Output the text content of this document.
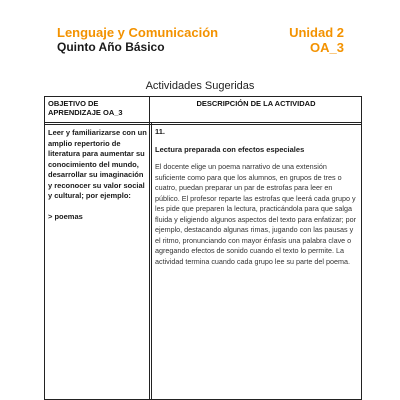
Lenguaje y Comunicación
Quinto Año Básico
Unidad 2
OA_3
Actividades Sugeridas
OBJETIVO DE APRENDIZAJE OA_3
DESCRIPCIÓN DE LA ACTIVIDAD
Leer y familiarizarse con un amplio repertorio de literatura para aumentar su conocimiento del mundo, desarrollar su imaginación y reconocer su valor social y cultural; por ejemplo:
> poemas
11.
Lectura preparada con efectos especiales
El docente elige un poema narrativo de una extensión suficiente como para que los alumnos, en grupos de tres o cuatro, puedan preparar un par de estrofas para leer en público. El profesor reparte las estrofas que leerá cada grupo y les pide que preparen la lectura, practicándola para que salga fluida y eligiendo algunos aspectos del texto para enfatizar; por ejemplo, destacando algunas rimas, jugando con las pausas y el ritmo, pronunciando con mayor énfasis una palabra clave o agregando efectos de sonido cuando el texto lo permite. La actividad termina cuando cada grupo lee su parte del poema.
